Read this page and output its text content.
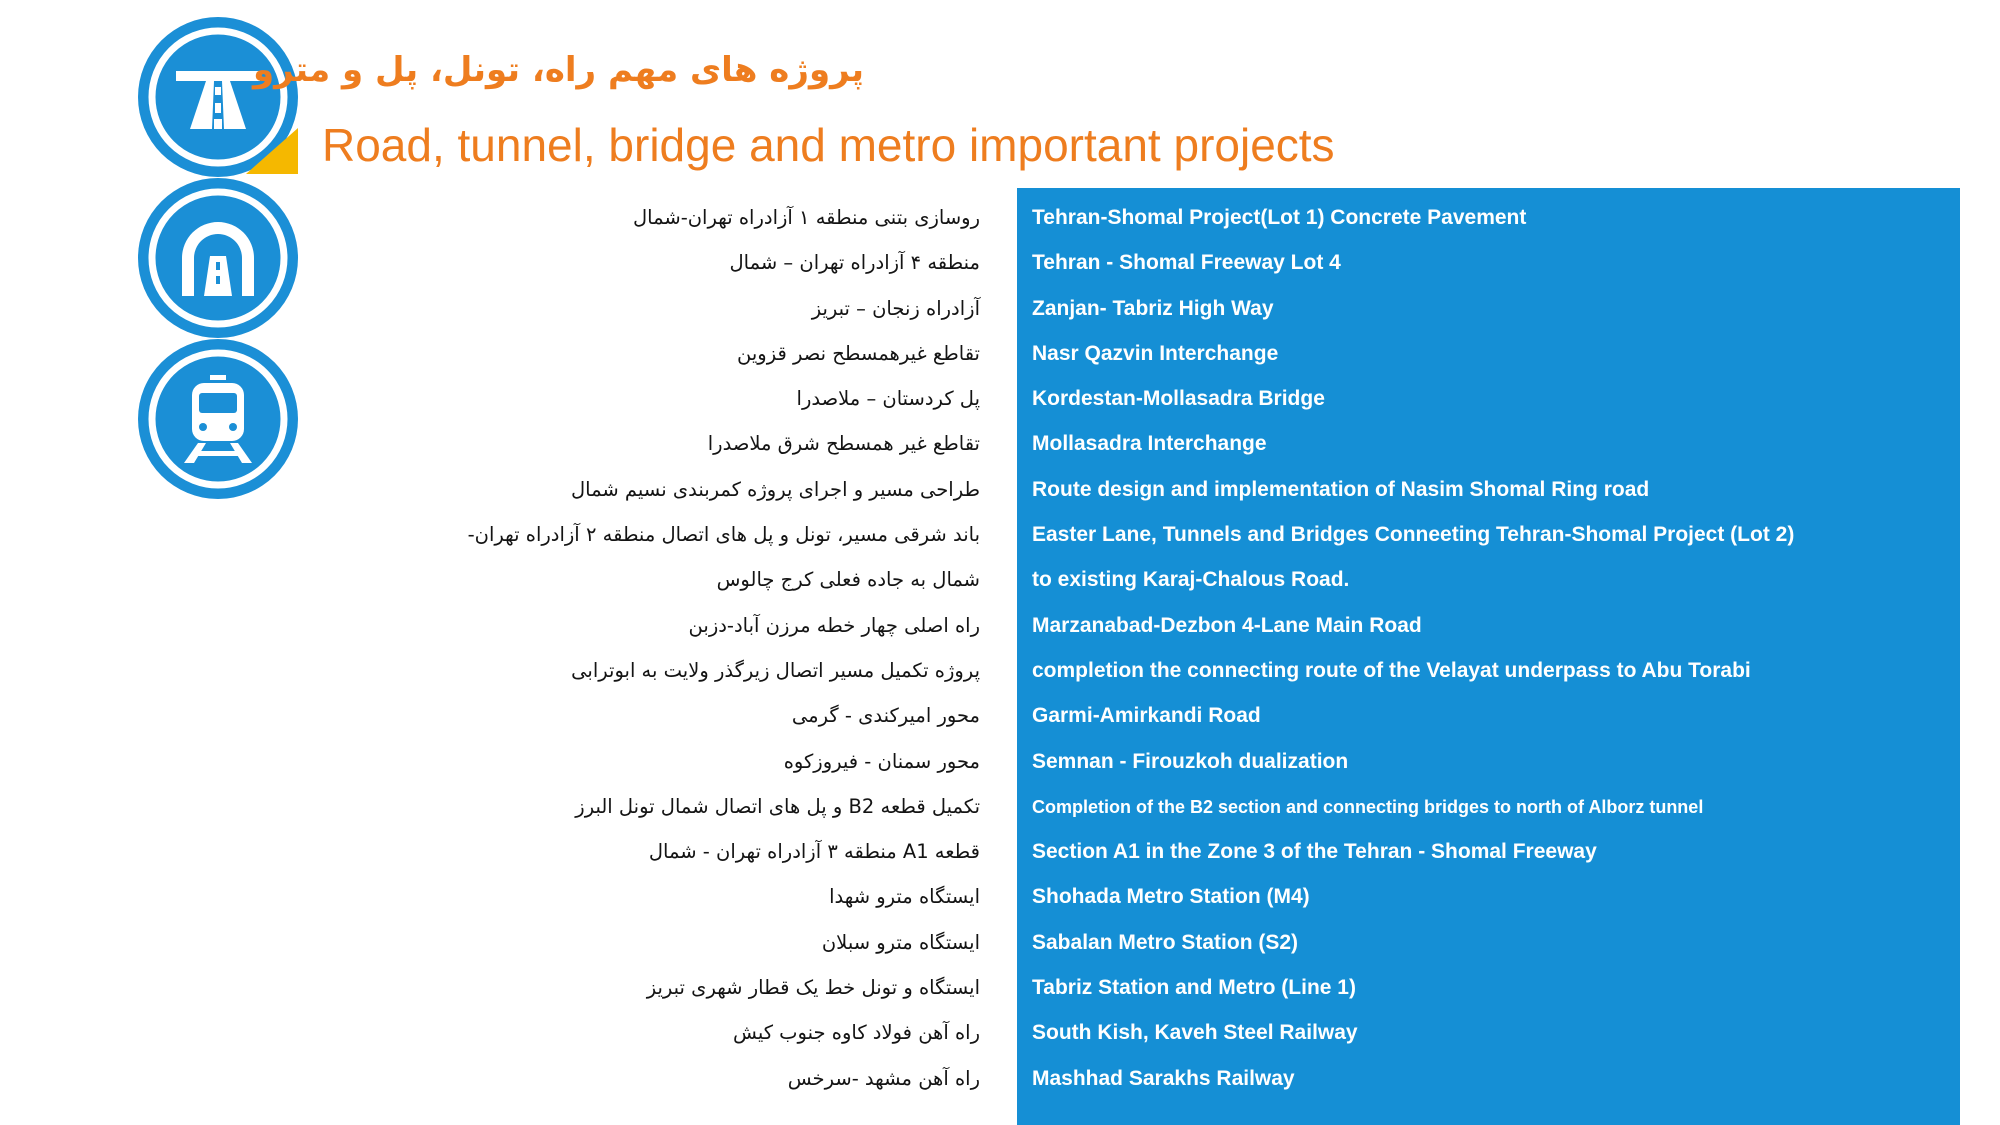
پروژه های مهم راه، تونل، پل و مترو
Road, tunnel, bridge and metro important projects
روسازی بتنی منطقه ۱ آزادراه تهران-شمال
منطقه ۴ آزادراه تهران – شمال
آزادراه زنجان – تبریز
تقاطع غیرهمسطح نصر قزوین
پل کردستان – ملاصدرا
تقاطع غیر همسطح شرق ملاصدرا
طراحی مسیر و اجرای پروژه کمربندی نسیم شمال
باند شرقی مسیر، تونل و پل های اتصال منطقه ۲ آزادراه تهران-
شمال به جاده فعلی کرج چالوس
راه اصلی چهار خطه مرزن آباد-دزبن
پروژه تکمیل مسیر اتصال زیرگذر ولایت به ابوترابی
محور امیرکندی - گرمی
محور سمنان - فیروزکوه
تکمیل قطعه B2 و پل های اتصال شمال تونل البرز
قطعه A1 منطقه ۳ آزادراه تهران - شمال
ایستگاه مترو شهدا
ایستگاه مترو سبلان
ایستگاه و تونل خط یک قطار شهری تبریز
راه آهن فولاد کاوه جنوب کیش
راه آهن مشهد -سرخس
Tehran-Shomal Project(Lot 1) Concrete Pavement
Tehran - Shomal Freeway Lot 4
Zanjan- Tabriz High Way
Nasr Qazvin Interchange
Kordestan-Mollasadra Bridge
Mollasadra Interchange
Route design and implementation of Nasim Shomal Ring road
Easter Lane, Tunnels and Bridges Conneeting Tehran-Shomal Project (Lot 2)
to existing Karaj-Chalous Road.
Marzanabad-Dezbon 4-Lane Main Road
completion the connecting route of the Velayat underpass to Abu Torabi
Garmi-Amirkandi Road
Semnan - Firouzkoh dualization
Completion of the B2 section and connecting bridges to north of Alborz tunnel
Section A1 in the Zone 3 of the Tehran - Shomal Freeway
Shohada Metro Station (M4)
Sabalan Metro Station (S2)
Tabriz Station and Metro (Line 1)
South Kish, Kaveh Steel Railway
Mashhad Sarakhs Railway
